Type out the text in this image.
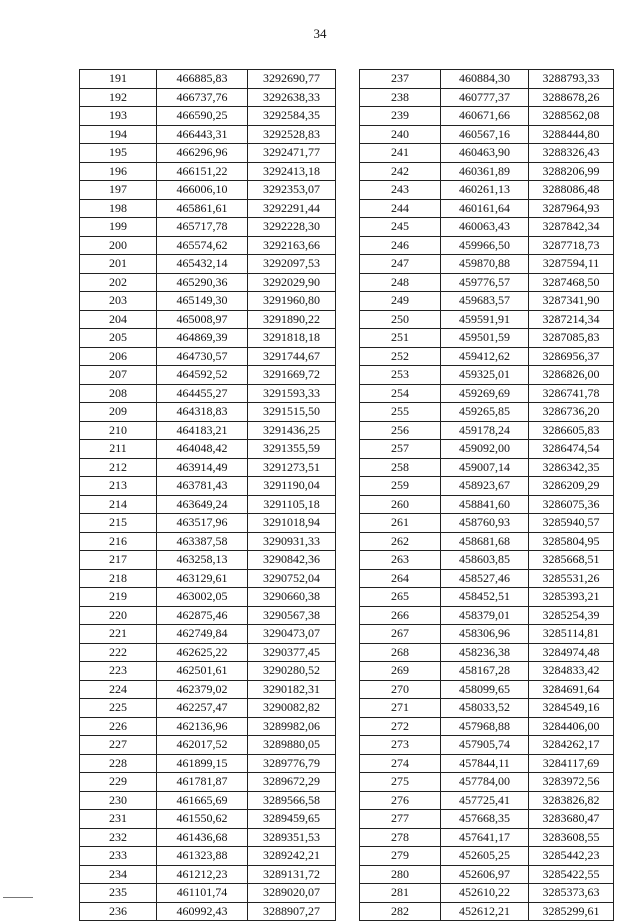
34
191	466885,83	3292690,77
192	466737,76	3292638,33
193	466590,25	3292584,35
194	466443,31	3292528,83
195	466296,96	3292471,77
196	466151,22	3292413,18
197	466006,10	3292353,07
198	465861,61	3292291,44
199	465717,78	3292228,30
200	465574,62	3292163,66
201	465432,14	3292097,53
202	465290,36	3292029,90
203	465149,30	3291960,80
204	465008,97	3291890,22
205	464869,39	3291818,18
206	464730,57	3291744,67
207	464592,52	3291669,72
208	464455,27	3291593,33
209	464318,83	3291515,50
210	464183,21	3291436,25
211	464048,42	3291355,59
212	463914,49	3291273,51
213	463781,43	3291190,04
214	463649,24	3291105,18
215	463517,96	3291018,94
216	463387,58	3290931,33
217	463258,13	3290842,36
218	463129,61	3290752,04
219	463002,05	3290660,38
220	462875,46	3290567,38
221	462749,84	3290473,07
222	462625,22	3290377,45
223	462501,61	3290280,52
224	462379,02	3290182,31
225	462257,47	3290082,82
226	462136,96	3289982,06
227	462017,52	3289880,05
228	461899,15	3289776,79
229	461781,87	3289672,29
230	461665,69	3289566,58
231	461550,62	3289459,65
232	461436,68	3289351,53
233	461323,88	3289242,21
234	461212,23	3289131,72
235	461101,74	3289020,07
236	460992,43	3288907,27
237	460884,30	3288793,33
238	460777,37	3288678,26
239	460671,66	3288562,08
240	460567,16	3288444,80
241	460463,90	3288326,43
242	460361,89	3288206,99
243	460261,13	3288086,48
244	460161,64	3287964,93
245	460063,43	3287842,34
246	459966,50	3287718,73
247	459870,88	3287594,11
248	459776,57	3287468,50
249	459683,57	3287341,90
250	459591,91	3287214,34
251	459501,59	3287085,83
252	459412,62	3286956,37
253	459325,01	3286826,00
254	459269,69	3286741,78
255	459265,85	3286736,20
256	459178,24	3286605,83
257	459092,00	3286474,54
258	459007,14	3286342,35
259	458923,67	3286209,29
260	458841,60	3286075,36
261	458760,93	3285940,57
262	458681,68	3285804,95
263	458603,85	3285668,51
264	458527,46	3285531,26
265	458452,51	3285393,21
266	458379,01	3285254,39
267	458306,96	3285114,81
268	458236,38	3284974,48
269	458167,28	3284833,42
270	458099,65	3284691,64
271	458033,52	3284549,16
272	457968,88	3284406,00
273	457905,74	3284262,17
274	457844,11	3284117,69
275	457784,00	3283972,56
276	457725,41	3283826,82
277	457668,35	3283680,47
278	457641,17	3283608,55
279	452605,25	3285442,23
280	452606,97	3285422,55
281	452610,22	3285373,63
282	452612,21	3285299,61
